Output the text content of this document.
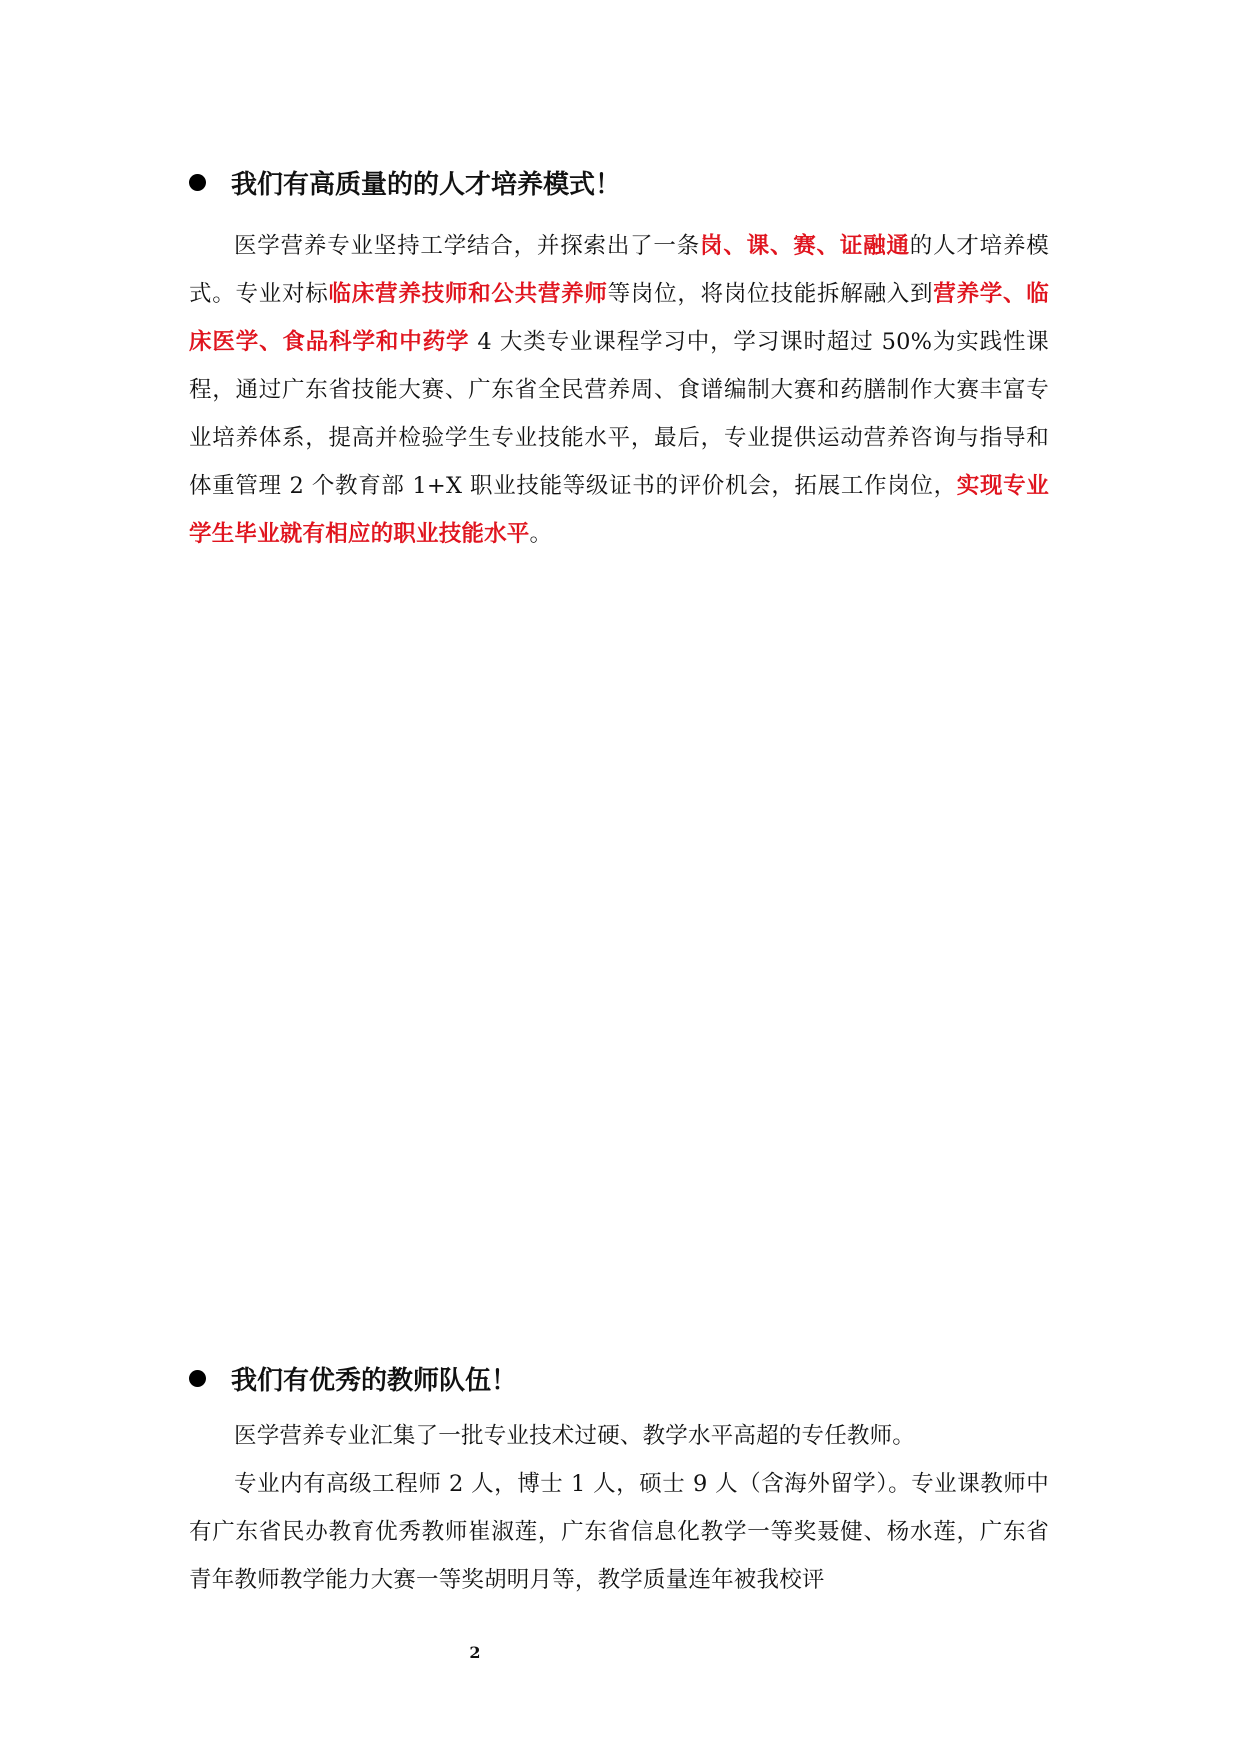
我们有高质量的的人才培养模式！

医学营养专业坚持工学结合，并探索出了一条岗、课、赛、证融通的人才培养模式。专业对标临床营养技师和公共营养师等岗位，将岗位技能拆解融入到营养学、临床医学、食品科学和中药学 4 大类专业课程学习中，学习课时超过 50%为实践性课程，通过广东省技能大赛、广东省全民营养周、食谱编制大赛和药膳制作大赛丰富专业培养体系，提高并检验学生专业技能水平，最后，专业提供运动营养咨询与指导和体重管理 2 个教育部 1+X 职业技能等级证书的评价机会，拓展工作岗位，实现专业学生毕业就有相应的职业技能水平。

我们有优秀的教师队伍！

医学营养专业汇集了一批专业技术过硬、教学水平高超的专任教师。

专业内有高级工程师 2 人，博士 1 人，硕士 9 人（含海外留学）。专业课教师中有广东省民办教育优秀教师崔淑莲，广东省信息化教学一等奖聂健、杨水莲，广东省青年教师教学能力大赛一等奖胡明月等，教学质量连年被我校评

2
